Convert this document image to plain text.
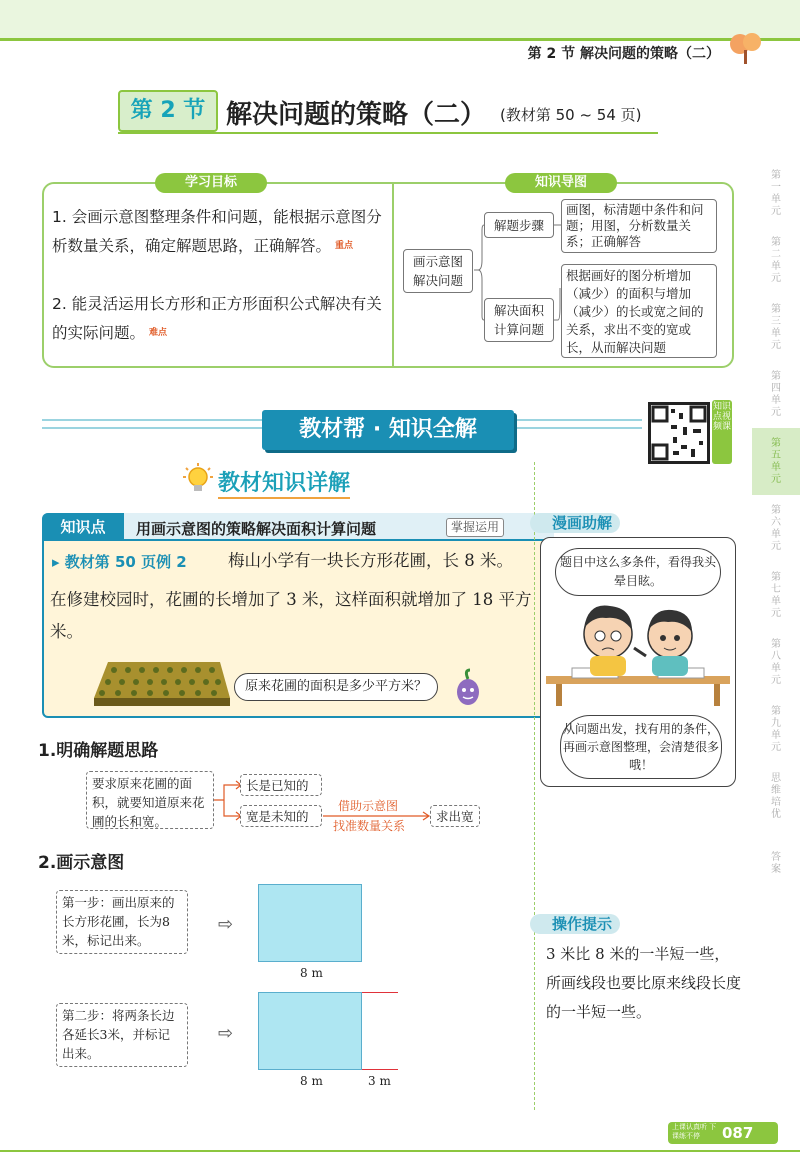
第 2 节 解决问题的策略（二）
第 2 节 解决问题的策略（二） (教材第 50 ~ 54 页)
学习目标	知识导图
1. 会画示意图整理条件和问题，能根据示意图分析数量关系，确定解题思路，正确解答。 重点
2. 能灵活运用长方形和正方形面积公式解决有关的实际问题。 难点
画示意图解决问题
解题步骤
解决面积计算问题
画图，标清题中条件和问题；用图，分析数量关系；正确解答
根据画好的图分析增加（减少）的面积与增加（减少）的长或宽之间的关系，求出不变的宽或长，从而解决问题
教材帮 · 知识全解
知识点视频课
第一单元
第二单元
第三单元
第四单元
第五单元
第六单元
第七单元
第八单元
第九单元
思维培优
答案
教材知识详解
知识点	用画示意图的策略解决面积计算问题	掌握运用
▸ 教材第 50 页例 2	梅山小学有一块长方形花圃，长 8 米。
在修建校园时，花圃的长增加了 3 米，这样面积就增加了 18 平方米。
原来花圃的面积是多少平方米？
1.明确解题思路
要求原来花圃的面积，就要知道原来花圃的长和宽。
长是已知的
宽是未知的
借助示意图
找准数量关系
求出宽
2.画示意图
第一步：画出原来的长方形花圃，长为8米，标记出来。
⇨
8 m
第二步：将两条长边各延长3米，并标记出来。
⇨
8 m	3 m
漫画助解
题目中这么多条件，看得我头晕目眩。
从问题出发，找有用的条件，再画示意图整理，会清楚很多哦！
操作提示
3 米比 8 米的一半短一些，所画线段也要比原来线段长度的一半短一些。
上课认真听 下课练不停	087
